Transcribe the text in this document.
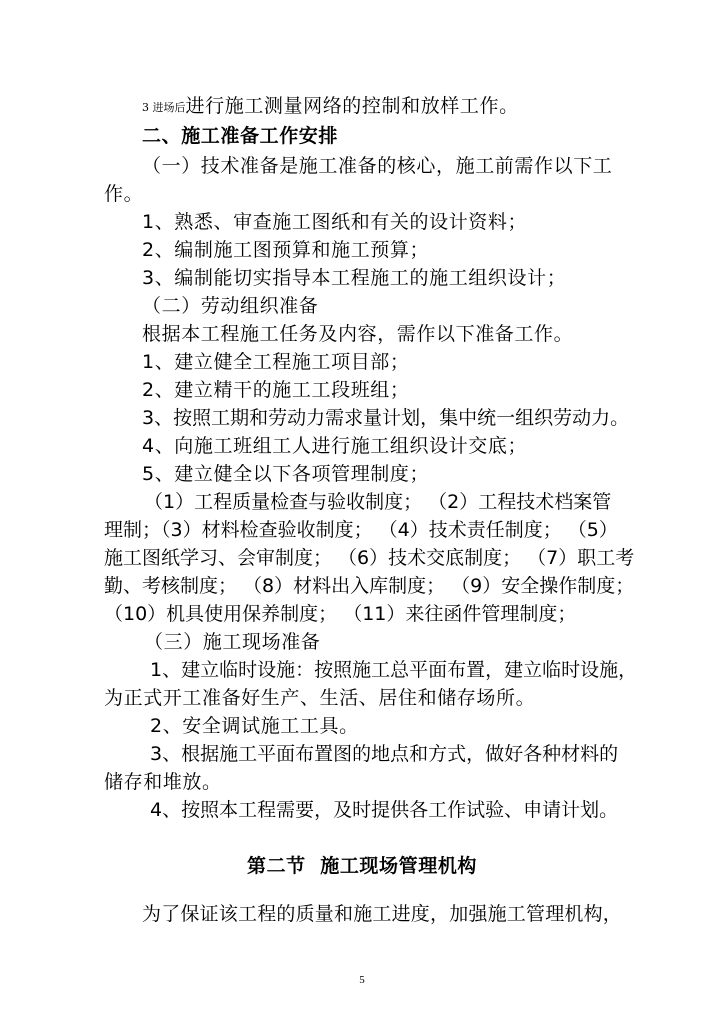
3 进场后进行施工测量网络的控制和放样工作。
二、施工准备工作安排
（一）技术准备是施工准备的核心，施工前需作以下工
作。
1、熟悉、审查施工图纸和有关的设计资料；
2、编制施工图预算和施工预算；
3、编制能切实指导本工程施工的施工组织设计；
（二）劳动组织准备
根据本工程施工任务及内容，需作以下准备工作。
1、建立健全工程施工项目部；
2、建立精干的施工工段班组；
3、按照工期和劳动力需求量计划，集中统一组织劳动力。
4、向施工班组工人进行施工组织设计交底；
5、建立健全以下各项管理制度；
（1）工程质量检查与验收制度； （2）工程技术档案管
理制；（3）材料检查验收制度； （4）技术责任制度； （5）
施工图纸学习、会审制度； （6）技术交底制度； （7）职工考
勤、考核制度； （8）材料出入库制度； （9）安全操作制度；
（10）机具使用保养制度； （11）来往函件管理制度；
（三）施工现场准备
1、建立临时设施：按照施工总平面布置，建立临时设施，
为正式开工准备好生产、生活、居住和储存场所。
2、安全调试施工工具。
3、根据施工平面布置图的地点和方式，做好各种材料的
储存和堆放。
4、按照本工程需要，及时提供各工作试验、申请计划。
第二节  施工现场管理机构
为了保证该工程的质量和施工进度，加强施工管理机构，
5
